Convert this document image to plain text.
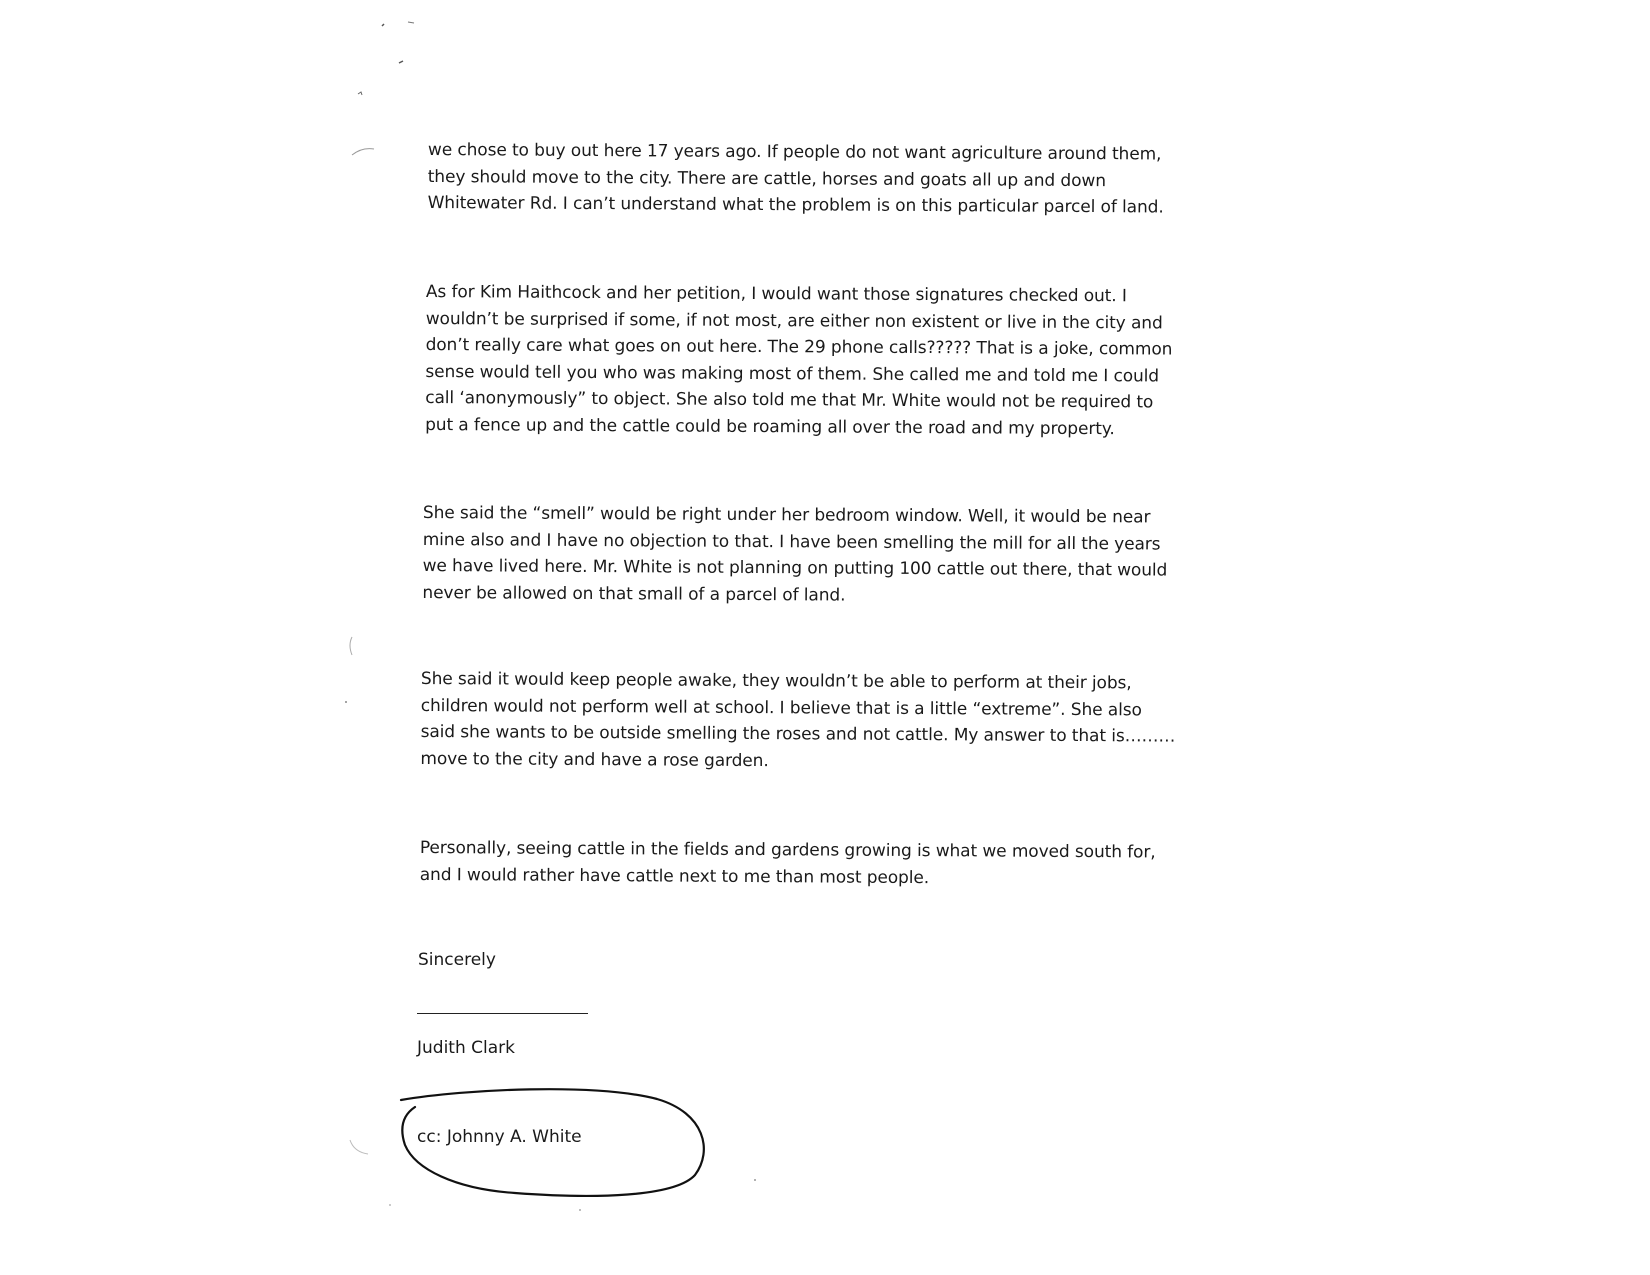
we chose to buy out here 17 years ago. If people do not want agriculture around them, they should move to the city. There are cattle, horses and goats all up and down Whitewater Rd. I can’t understand what the problem is on this particular parcel of land.

As for Kim Haithcock and her petition, I would want those signatures checked out. I wouldn’t be surprised if some, if not most, are either non existent or live in the city and don’t really care what goes on out here. The 29 phone calls????? That is a joke, common sense would tell you who was making most of them. She called me and told me I could call ‘anonymously” to object. She also told me that Mr. White would not be required to put a fence up and the cattle could be roaming all over the road and my property.

She said the “smell” would be right under her bedroom window. Well, it would be near mine also and I have no objection to that. I have been smelling the mill for all the years we have lived here. Mr. White is not planning on putting 100 cattle out there, that would never be allowed on that small of a parcel of land.

She said it would keep people awake, they wouldn’t be able to perform at their jobs, children would not perform well at school. I believe that is a little “extreme”. She also said she wants to be outside smelling the roses and not cattle. My answer to that is………move to the city and have a rose garden.

Personally, seeing cattle in the fields and gardens growing is what we moved south for, and I would rather have cattle next to me than most people.

Sincerely

Judith Clark

cc: Johnny A. White
